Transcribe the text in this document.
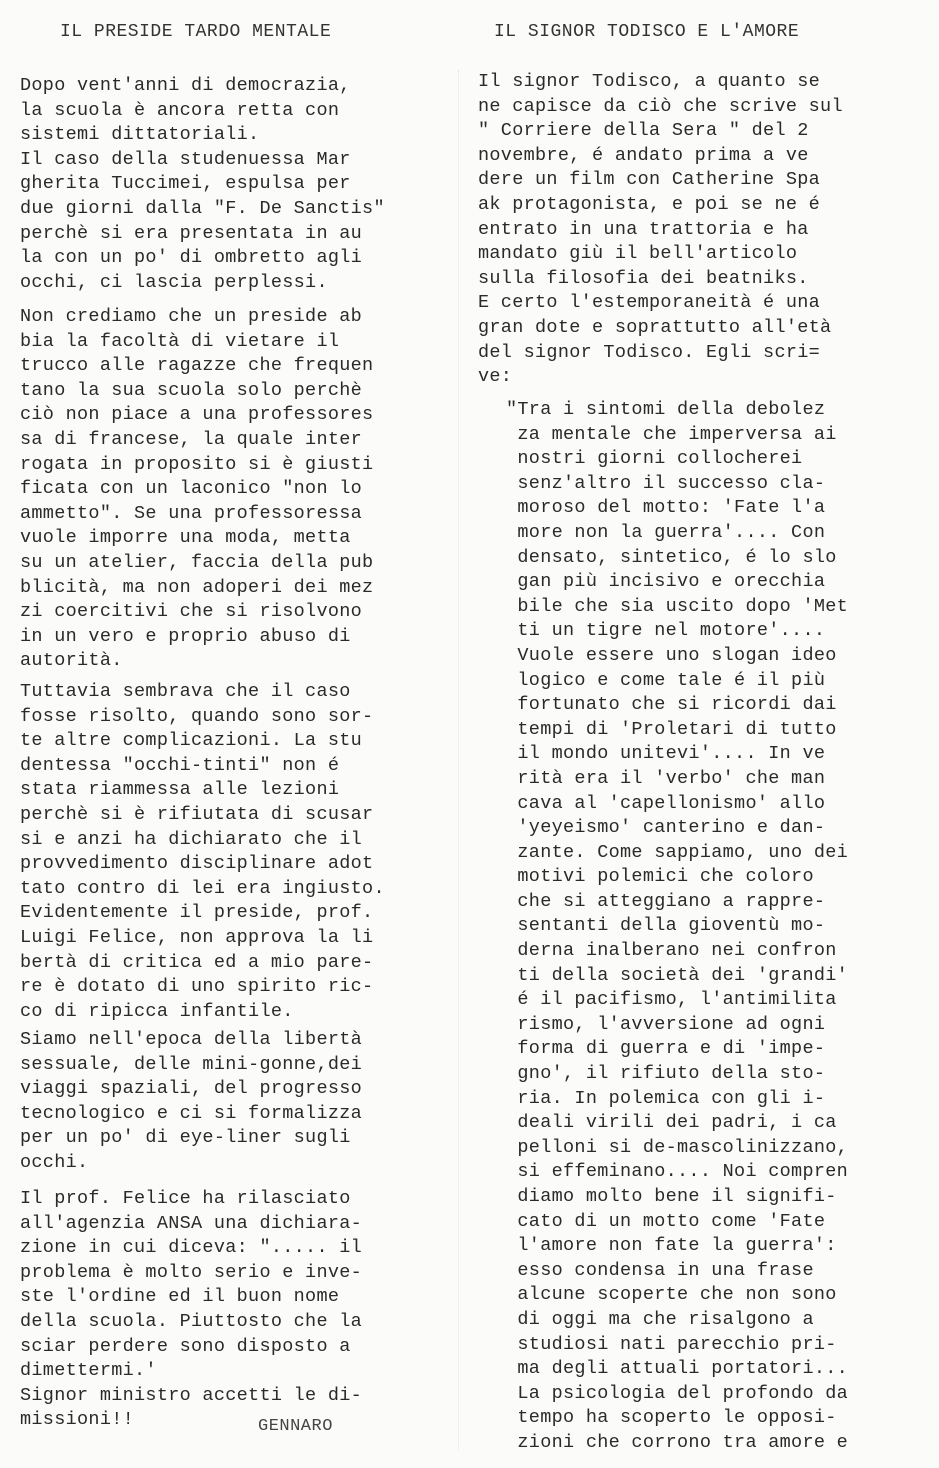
IL PRESIDE TARDO MENTALE
Dopo vent'anni di democrazia,
la scuola è ancora retta con
sistemi dittatoriali.
Il caso della studenuessa Mar
gherita Tuccimei, espulsa per
due giorni dalla "F. De Sanctis"
perchè si era presentata in au
la con un po' di ombretto agli
occhi, ci lascia perplessi.
Non crediamo che un preside ab
bia la facoltà di vietare il
trucco alle ragazze che frequen
tano la sua scuola solo perchè
ciò non piace a una professores
sa di francese, la quale inter
rogata in proposito si è giusti
ficata con un laconico "non lo
ammetto". Se una professoressa
vuole imporre una moda, metta
su un atelier, faccia della pub
blicità, ma non adoperi dei mez
zi coercitivi che si risolvono
in un vero e proprio abuso di
autorità.
Tuttavia sembrava che il caso
fosse risolto, quando sono sor-
te altre complicazioni. La stu
dentessa "occhi-tinti" non é
stata riammessa alle lezioni
perchè si è rifiutata di scusar
si e anzi ha dichiarato che il
provvedimento disciplinare adot
tato contro di lei era ingiusto.
Evidentemente il preside, prof.
Luigi Felice, non approva la li
bertà di critica ed a mio pare-
re è dotato di uno spirito ric-
co di ripicca infantile.
Siamo nell'epoca della libertà
sessuale, delle mini-gonne,dei
viaggi spaziali, del progresso
tecnologico e ci si formalizza
per un po' di eye-liner sugli
occhi.
Il prof. Felice ha rilasciato
all'agenzia ANSA una dichiara-
zione in cui diceva: "..... il
problema è molto serio e inve-
ste l'ordine ed il buon nome
della scuola. Piuttosto che la
sciar perdere sono disposto a
dimettermi.'
Signor ministro accetti le di-
missioni!!	GENNARO
IL SIGNOR TODISCO E L'AMORE
Il signor Todisco, a quanto se
ne capisce da ciò che scrive sul
" Corriere della Sera " del 2
novembre, é andato prima a ve
dere un film con Catherine Spa
ak protagonista, e poi se ne é
entrato in una trattoria e ha
mandato giù il bell'articolo
sulla filosofia dei beatniks.
E certo l'estemporaneità é una
gran dote e soprattutto all'età
del signor Todisco. Egli scri=
ve:
"Tra i sintomi della debolez
za mentale che imperversa ai
nostri giorni collocherei
senz'altro il successo cla-
moroso del motto: 'Fate l'a
more non la guerra'.... Con
densato, sintetico, é lo slo
gan più incisivo e orecchia
bile che sia uscito dopo 'Met
ti un tigre nel motore'....
Vuole essere uno slogan ideo
logico e come tale é il più
fortunato che si ricordi dai
tempi di 'Proletari di tutto
il mondo unitevi'.... In ve
rità era il 'verbo' che man
cava al 'capellonismo' allo
'yeyeismo' canterino e dan-
zante. Come sappiamo, uno dei
motivi polemici che coloro
che si atteggiano a rappre-
sentanti della gioventù mo-
derna inalberano nei confron
ti della società dei 'grandi'
é il pacifismo, l'antimilita
rismo, l'avversione ad ogni
forma di guerra e di 'impe-
gno', il rifiuto della sto-
ria. In polemica con gli i-
deali virili dei padri, i ca
pelloni si de-mascolinizzano,
si effeminano.... Noi compren
diamo molto bene il signifi-
cato di un motto come 'Fate
l'amore non fate la guerra':
esso condensa in una frase
alcune scoperte che non sono
di oggi ma che risalgono a
studiosi nati parecchio pri-
ma degli attuali portatori...
La psicologia del profondo da
tempo ha scoperto le opposi-
zioni che corrono tra amore e
